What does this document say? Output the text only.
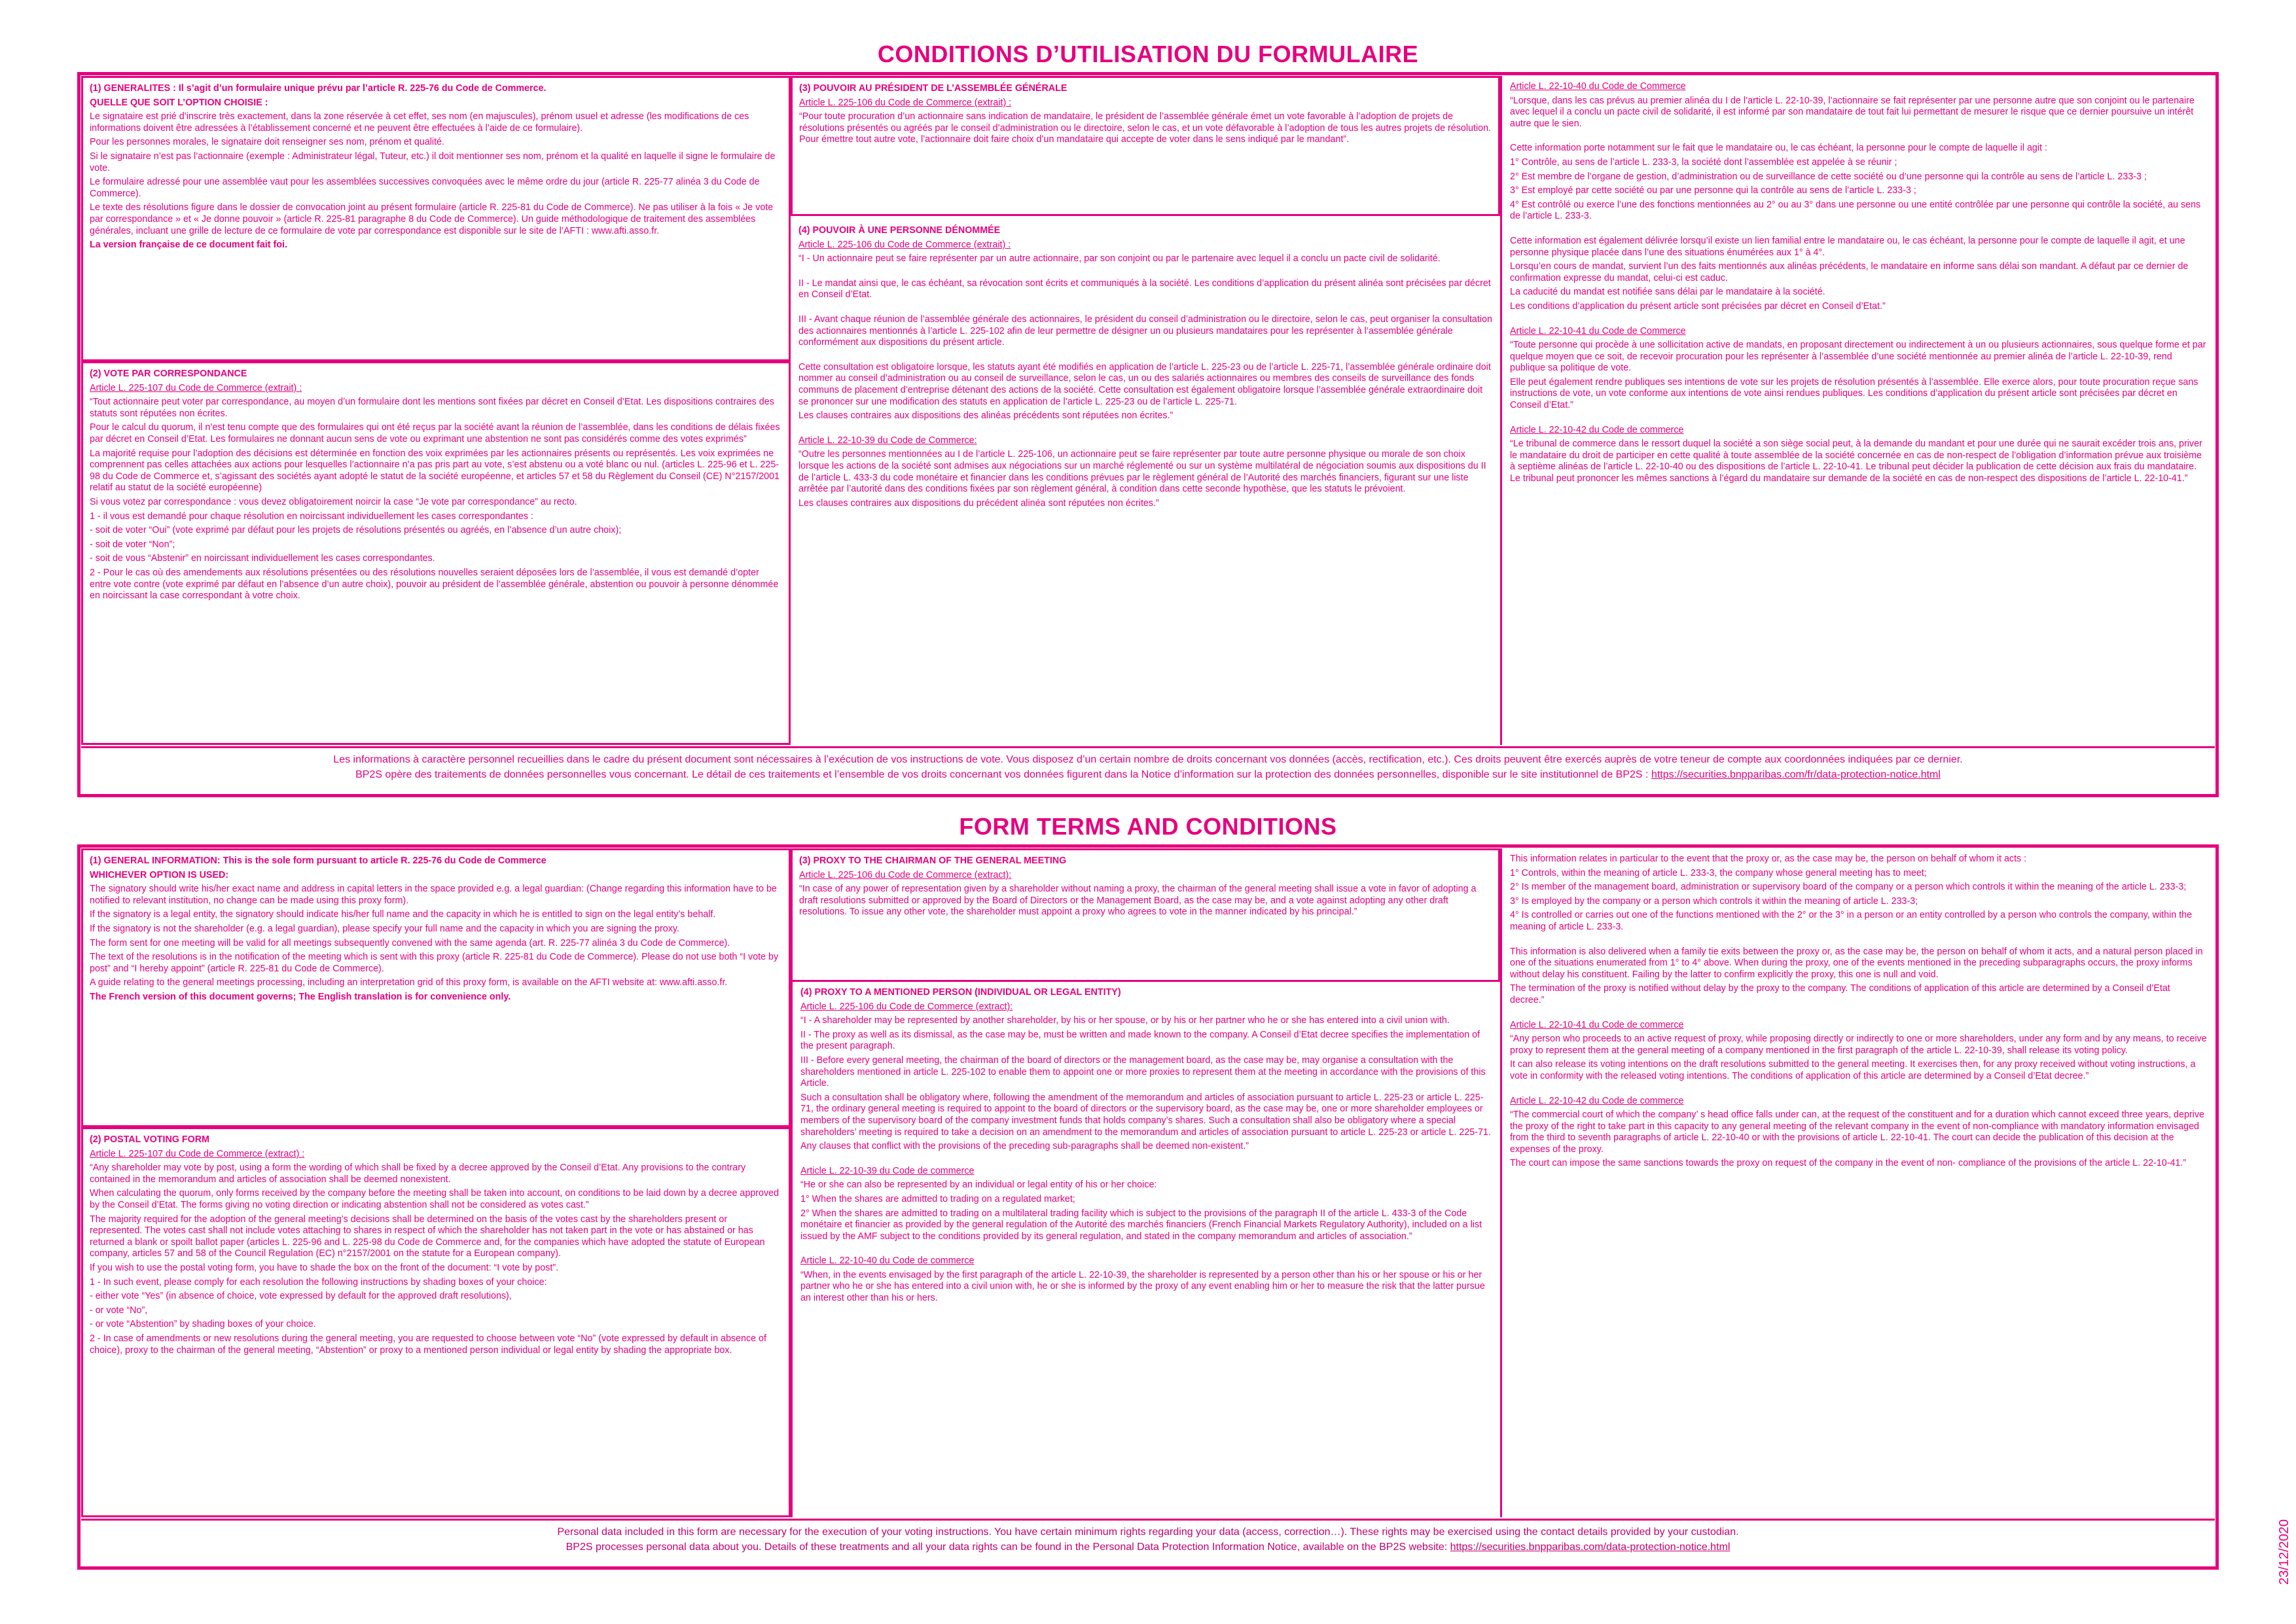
CONDITIONS D’UTILISATION DU FORMULAIRE

(1) GENERALITES : Il s’agit d’un formulaire unique prévu par l’article R. 225-76 du Code de Commerce.

QUELLE QUE SOIT L’OPTION CHOISIE :

Le signataire est prié d’inscrire très exactement, dans la zone réservée à cet effet, ses nom (en majuscules), prénom usuel et adresse (les modifications de ces informations doivent être adressées à l’établissement concerné et ne peuvent être effectuées à l’aide de ce formulaire).

Pour les personnes morales, le signataire doit renseigner ses nom, prénom et qualité.

Si le signataire n’est pas l’actionnaire (exemple : Administrateur légal, Tuteur, etc.) il doit mentionner ses nom, prénom et la qualité en laquelle il signe le formulaire de vote.

Le formulaire adressé pour une assemblée vaut pour les assemblées successives convoquées avec le même ordre du jour (article R. 225-77 alinéa 3 du Code de Commerce).

Le texte des résolutions figure dans le dossier de convocation joint au présent formulaire (article R. 225-81 du Code de Commerce). Ne pas utiliser à la fois « Je vote par correspondance » et « Je donne pouvoir » (article R. 225-81 paragraphe 8 du Code de Commerce). Un guide méthodologique de traitement des assemblées générales, incluant une grille de lecture de ce formulaire de vote par correspondance est disponible sur le site de l’AFTI : www.afti.asso.fr.

La version française de ce document fait foi.

(2) VOTE PAR CORRESPONDANCE

Article L. 225-107 du Code de Commerce (extrait) :

“Tout actionnaire peut voter par correspondance, au moyen d’un formulaire dont les mentions sont fixées par décret en Conseil d’Etat. Les dispositions contraires des statuts sont réputées non écrites.

Pour le calcul du quorum, il n’est tenu compte que des formulaires qui ont été reçus par la société avant la réunion de l’assemblée, dans les conditions de délais fixées par décret en Conseil d’Etat. Les formulaires ne donnant aucun sens de vote ou exprimant une abstention ne sont pas considérés comme des votes exprimés”

La majorité requise pour l’adoption des décisions est déterminée en fonction des voix exprimées par les actionnaires présents ou représentés. Les voix exprimées ne comprennent pas celles attachées aux actions pour lesquelles l’actionnaire n’a pas pris part au vote, s’est abstenu ou a voté blanc ou nul. (articles L. 225-96 et L. 225-98 du Code de Commerce et, s’agissant des sociétés ayant adopté le statut de la société européenne, et articles 57 et 58 du Règlement du Conseil (CE) N°2157/2001 relatif au statut de la société européenne)

Si vous votez par correspondance : vous devez obligatoirement noircir la case “Je vote par correspondance” au recto.

1 - il vous est demandé pour chaque résolution en noircissant individuellement les cases correspondantes :

- soit de voter “Oui” (vote exprimé par défaut pour les projets de résolutions présentés ou agréés, en l’absence d’un autre choix);

- soit de voter “Non”;

- soit de vous “Abstenir” en noircissant individuellement les cases correspondantes.

2 - Pour le cas où des amendements aux résolutions présentées ou des résolutions nouvelles seraient déposées lors de l’assemblée, il vous est demandé d’opter entre vote contre (vote exprimé par défaut en l’absence d’un autre choix), pouvoir au président de l’assemblée générale, abstention ou pouvoir à personne dénommée en noircissant la case correspondant à votre choix.

(3) POUVOIR AU PRÉSIDENT DE L’ASSEMBLÉE GÉNÉRALE

Article L. 225-106 du Code de Commerce (extrait) :

“Pour toute procuration d’un actionnaire sans indication de mandataire, le président de l’assemblée générale émet un vote favorable à l’adoption de projets de résolutions présentés ou agréés par le conseil d’administration ou le directoire, selon le cas, et un vote défavorable à l’adoption de tous les autres projets de résolution. Pour émettre tout autre vote, l’actionnaire doit faire choix d’un mandataire qui accepte de voter dans le sens indiqué par le mandant”.

(4) POUVOIR À UNE PERSONNE DÉNOMMÉE

Article L. 225-106 du Code de Commerce (extrait) :

“I - Un actionnaire peut se faire représenter par un autre actionnaire, par son conjoint ou par le partenaire avec lequel il a conclu un pacte civil de solidarité.

II - Le mandat ainsi que, le cas échéant, sa révocation sont écrits et communiqués à la société. Les conditions d’application du présent alinéa sont précisées par décret en Conseil d’Etat.

III - Avant chaque réunion de l’assemblée générale des actionnaires, le président du conseil d’administration ou le directoire, selon le cas, peut organiser la consultation des actionnaires mentionnés à l’article L. 225-102 afin de leur permettre de désigner un ou plusieurs mandataires pour les représenter à l’assemblée générale conformément aux dispositions du présent article.

Cette consultation est obligatoire lorsque, les statuts ayant été modifiés en application de l’article L. 225-23 ou de l’article L. 225-71, l’assemblée générale ordinaire doit nommer au conseil d’administration ou au conseil de surveillance, selon le cas, un ou des salariés actionnaires ou membres des conseils de surveillance des fonds communs de placement d’entreprise détenant des actions de la société. Cette consultation est également obligatoire lorsque l’assemblée générale extraordinaire doit se prononcer sur une modification des statuts en application de l’article L. 225-23 ou de l’article L. 225-71.

Les clauses contraires aux dispositions des alinéas précédents sont réputées non écrites.”

Article L. 22-10-39 du Code de Commerce:

“Outre les personnes mentionnées au I de l’article L. 225-106, un actionnaire peut se faire représenter par toute autre personne physique ou morale de son choix lorsque les actions de la société sont admises aux négociations sur un marché réglementé ou sur un système multilatéral de négociation soumis aux dispositions du II de l’article L. 433-3 du code monétaire et financier dans les conditions prévues par le règlement général de l’Autorité des marchés financiers, figurant sur une liste arrêtée par l’autorité dans des conditions fixées par son règlement général, à condition dans cette seconde hypothèse, que les statuts le prévoient.

Les clauses contraires aux dispositions du précédent alinéa sont réputées non écrites.”

Article L. 22-10-40 du Code de Commerce

“Lorsque, dans les cas prévus au premier alinéa du I de l’article L. 22-10-39, l’actionnaire se fait représenter par une personne autre que son conjoint ou le partenaire avec lequel il a conclu un pacte civil de solidarité, il est informé par son mandataire de tout fait lui permettant de mesurer le risque que ce dernier poursuive un intérêt autre que le sien.

Cette information porte notamment sur le fait que le mandataire ou, le cas échéant, la personne pour le compte de laquelle il agit :

1° Contrôle, au sens de l’article L. 233-3, la société dont l’assemblée est appelée à se réunir ;

2° Est membre de l’organe de gestion, d’administration ou de surveillance de cette société ou d’une personne qui la contrôle au sens de l’article L. 233-3 ;

3° Est employé par cette société ou par une personne qui la contrôle au sens de l’article L. 233-3 ;

4° Est contrôlé ou exerce l’une des fonctions mentionnées au 2° ou au 3° dans une personne ou une entité contrôlée par une personne qui contrôle la société, au sens de l’article L. 233-3.

Cette information est également délivrée lorsqu’il existe un lien familial entre le mandataire ou, le cas échéant, la personne pour le compte de laquelle il agit, et une personne physique placée dans l’une des situations énumérées aux 1° à 4°.

Lorsqu’en cours de mandat, survient l’un des faits mentionnés aux alinéas précédents, le mandataire en informe sans délai son mandant. A défaut par ce dernier de confirmation expresse du mandat, celui-ci est caduc.

La caducité du mandat est notifiée sans délai par le mandataire à la société.

Les conditions d’application du présent article sont précisées par décret en Conseil d’Etat.”

Article L. 22-10-41 du Code de Commerce

“Toute personne qui procède à une sollicitation active de mandats, en proposant directement ou indirectement à un ou plusieurs actionnaires, sous quelque forme et par quelque moyen que ce soit, de recevoir procuration pour les représenter à l’assemblée d’une société mentionnée au premier alinéa de l’article L. 22-10-39, rend publique sa politique de vote.

Elle peut également rendre publiques ses intentions de vote sur les projets de résolution présentés à l’assemblée. Elle exerce alors, pour toute procuration reçue sans instructions de vote, un vote conforme aux intentions de vote ainsi rendues publiques. Les conditions d’application du présent article sont précisées par décret en Conseil d’Etat.”

Article L. 22-10-42 du Code de commerce

“Le tribunal de commerce dans le ressort duquel la société a son siège social peut, à la demande du mandant et pour une durée qui ne saurait excéder trois ans, priver le mandataire du droit de participer en cette qualité à toute assemblée de la société concernée en cas de non-respect de l’obligation d’information prévue aux troisième à septième alinéas de l’article L. 22-10-40 ou des dispositions de l’article L. 22-10-41. Le tribunal peut décider la publication de cette décision aux frais du mandataire. Le tribunal peut prononcer les mêmes sanctions à l’égard du mandataire sur demande de la société en cas de non-respect des dispositions de l’article L. 22-10-41.”

Les informations à caractère personnel recueillies dans le cadre du présent document sont nécessaires à l’exécution de vos instructions de vote. Vous disposez d’un certain nombre de droits concernant vos données (accès, rectification, etc.). Ces droits peuvent être exercés auprès de votre teneur de compte aux coordonnées indiquées par ce dernier.
BP2S opère des traitements de données personnelles vous concernant. Le détail de ces traitements et l’ensemble de vos droits concernant vos données figurent dans la Notice d’information sur la protection des données personnelles, disponible sur le site institutionnel de BP2S : https://securities.bnpparibas.com/fr/data-protection-notice.html
FORM TERMS AND CONDITIONS

(1) GENERAL INFORMATION: This is the sole form pursuant to article R. 225-76 du Code de Commerce

WHICHEVER OPTION IS USED:

The signatory should write his/her exact name and address in capital letters in the space provided e.g. a legal guardian: (Change regarding this information have to be notified to relevant institution, no change can be made using this proxy form).

If the signatory is a legal entity, the signatory should indicate his/her full name and the capacity in which he is entitled to sign on the legal entity’s behalf.

If the signatory is not the shareholder (e.g. a legal guardian), please specify your full name and the capacity in which you are signing the proxy.

The form sent for one meeting will be valid for all meetings subsequently convened with the same agenda (art. R. 225-77 alinéa 3 du Code de Commerce).

The text of the resolutions is in the notification of the meeting which is sent with this proxy (article R. 225-81 du Code de Commerce). Please do not use both “I vote by post” and “I hereby appoint” (article R. 225-81 du Code de Commerce).

A guide relating to the general meetings processing, including an interpretation grid of this proxy form, is available on the AFTI website at: www.afti.asso.fr.

The French version of this document governs; The English translation is for convenience only.

(2) POSTAL VOTING FORM

Article L. 225-107 du Code de Commerce (extract) :

“Any shareholder may vote by post, using a form the wording of which shall be fixed by a decree approved by the Conseil d’Etat. Any provisions to the contrary contained in the memorandum and articles of association shall be deemed nonexistent.

When calculating the quorum, only forms received by the company before the meeting shall be taken into account, on conditions to be laid down by a decree approved by the Conseil d’Etat. The forms giving no voting direction or indicating abstention shall not be considered as votes cast.”

The majority required for the adoption of the general meeting’s decisions shall be determined on the basis of the votes cast by the shareholders present or represented. The votes cast shall not include votes attaching to shares in respect of which the shareholder has not taken part in the vote or has abstained or has returned a blank or spoilt ballot paper (articles L. 225-96 and L. 225-98 du Code de Commerce and, for the companies which have adopted the statute of European company, articles 57 and 58 of the Council Regulation (EC) n°2157/2001 on the statute for a European company).

If you wish to use the postal voting form, you have to shade the box on the front of the document: “I vote by post”.

1 - In such event, please comply for each resolution the following instructions by shading boxes of your choice:

- either vote “Yes” (in absence of choice, vote expressed by default for the approved draft resolutions),

- or vote “No”,

- or vote “Abstention” by shading boxes of your choice.

2 - In case of amendments or new resolutions during the general meeting, you are requested to choose between vote “No” (vote expressed by default in absence of choice), proxy to the chairman of the general meeting, “Abstention” or proxy to a mentioned person individual or legal entity by shading the appropriate box.

(3) PROXY TO THE CHAIRMAN OF THE GENERAL MEETING

Article L. 225-106 du Code de Commerce (extract):

“In case of any power of representation given by a shareholder without naming a proxy, the chairman of the general meeting shall issue a vote in favor of adopting a draft resolutions submitted or approved by the Board of Directors or the Management Board, as the case may be, and a vote against adopting any other draft resolutions. To issue any other vote, the shareholder must appoint a proxy who agrees to vote in the manner indicated by his principal.”

(4) PROXY TO A MENTIONED PERSON (INDIVIDUAL OR LEGAL ENTITY)

Article L. 225-106 du Code de Commerce (extract):

“I - A shareholder may be represented by another shareholder, by his or her spouse, or by his or her partner who he or she has entered into a civil union with.

II - The proxy as well as its dismissal, as the case may be, must be written and made known to the company. A Conseil d’Etat decree specifies the implementation of the present paragraph.

III - Before every general meeting, the chairman of the board of directors or the management board, as the case may be, may organise a consultation with the shareholders mentioned in article L. 225-102 to enable them to appoint one or more proxies to represent them at the meeting in accordance with the provisions of this Article.

Such a consultation shall be obligatory where, following the amendment of the memorandum and articles of association pursuant to article L. 225-23 or article L. 225-71, the ordinary general meeting is required to appoint to the board of directors or the supervisory board, as the case may be, one or more shareholder employees or members of the supervisory board of the company investment funds that holds company’s shares. Such a consultation shall also be obligatory where a special shareholders’ meeting is required to take a decision on an amendment to the memorandum and articles of association pursuant to article L. 225-23 or article L. 225-71.

Any clauses that conflict with the provisions of the preceding sub-paragraphs shall be deemed non-existent.”

Article L. 22-10-39 du Code de commerce

“He or she can also be represented by an individual or legal entity of his or her choice:

1° When the shares are admitted to trading on a regulated market;

2° When the shares are admitted to trading on a multilateral trading facility which is subject to the provisions of the paragraph II of the article L. 433-3 of the Code monétaire et financier as provided by the general regulation of the Autorité des marchés financiers (French Financial Markets Regulatory Authority), included on a list issued by the AMF subject to the conditions provided by its general regulation, and stated in the company memorandum and articles of association.”

Article L. 22-10-40 du Code de commerce

“When, in the events envisaged by the first paragraph of the article L. 22-10-39, the shareholder is represented by a person other than his or her spouse or his or her partner who he or she has entered into a civil union with, he or she is informed by the proxy of any event enabling him or her to measure the risk that the latter pursue an interest other than his or hers.

This information relates in particular to the event that the proxy or, as the case may be, the person on behalf of whom it acts :

1° Controls, within the meaning of article L. 233-3, the company whose general meeting has to meet;

2° Is member of the management board, administration or supervisory board of the company or a person which controls it within the meaning of the article L. 233-3;

3° Is employed by the company or a person which controls it within the meaning of article L. 233-3;

4° Is controlled or carries out one of the functions mentioned with the 2° or the 3° in a person or an entity controlled by a person who controls the company, within the meaning of article L. 233-3.

This information is also delivered when a family tie exits between the proxy or, as the case may be, the person on behalf of whom it acts, and a natural person placed in one of the situations enumerated from 1° to 4° above. When during the proxy, one of the events mentioned in the preceding subparagraphs occurs, the proxy informs without delay his constituent. Failing by the latter to confirm explicitly the proxy, this one is null and void.

The termination of the proxy is notified without delay by the proxy to the company. The conditions of application of this article are determined by a Conseil d’Etat decree.”

Article L. 22-10-41 du Code de commerce

“Any person who proceeds to an active request of proxy, while proposing directly or indirectly to one or more shareholders, under any form and by any means, to receive proxy to represent them at the general meeting of a company mentioned in the first paragraph of the article L. 22-10-39, shall release its voting policy.

It can also release its voting intentions on the draft resolutions submitted to the general meeting. It exercises then, for any proxy received without voting instructions, a vote in conformity with the released voting intentions. The conditions of application of this article are determined by a Conseil d’Etat decree.”

Article L. 22-10-42 du Code de commerce

“The commercial court of which the company’ s head office falls under can, at the request of the constituent and for a duration which cannot exceed three years, deprive the proxy of the right to take part in this capacity to any general meeting of the relevant company in the event of non-compliance with mandatory information envisaged from the third to seventh paragraphs of article L. 22-10-40 or with the provisions of article L. 22-10-41. The court can decide the publication of this decision at the expenses of the proxy.

The court can impose the same sanctions towards the proxy on request of the company in the event of non- compliance of the provisions of the article L. 22-10-41.”

Personal data included in this form are necessary for the execution of your voting instructions. You have certain minimum rights regarding your data (access, correction…). These rights may be exercised using the contact details provided by your custodian.
BP2S processes personal data about you. Details of these treatments and all your data rights can be found in the Personal Data Protection Information Notice, available on the BP2S website: https://securities.bnpparibas.com/data-protection-notice.html	23/12/2020
